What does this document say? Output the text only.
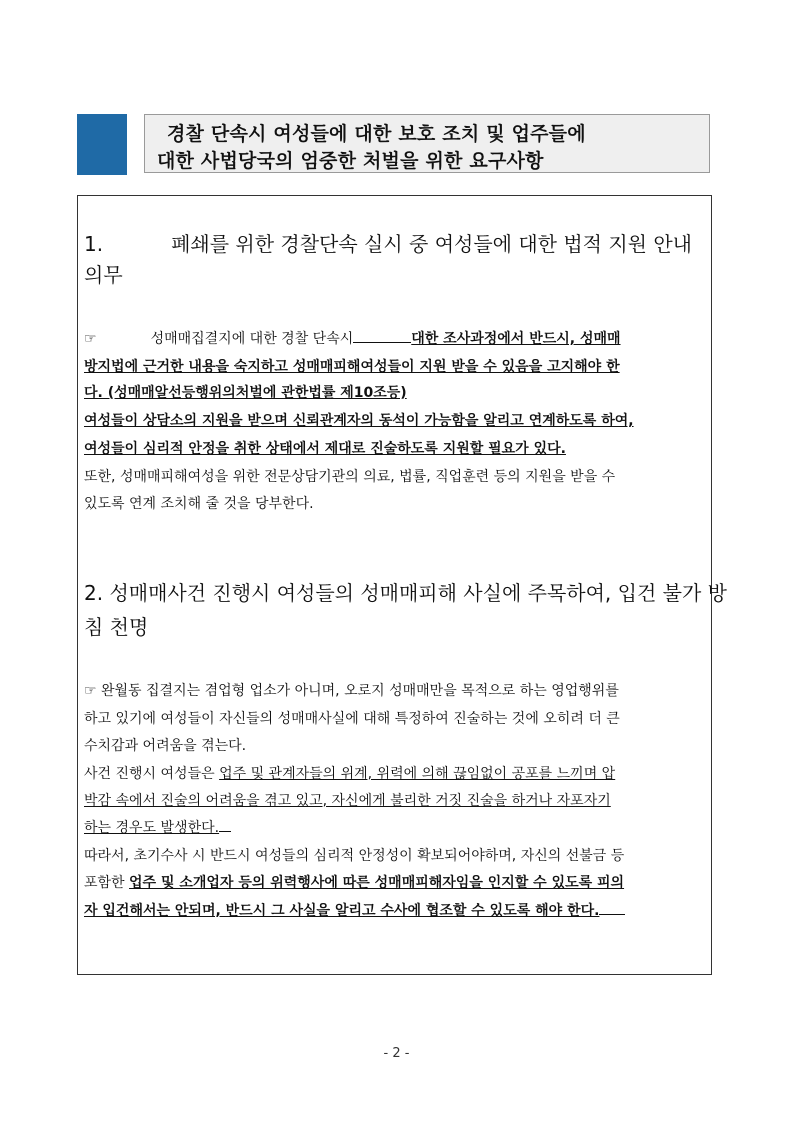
경찰 단속시 여성들에 대한 보호 조치 및 업주들에
대한 사법당국의 엄중한 처벌을 위한 요구사항
1.	폐쇄를 위한 경찰단속 실시 중 여성들에 대한 법적 지원 안내
의무
☞	성매매집결지에 대한 경찰 단속시	대한 조사과정에서 반드시, 성매매
방지법에 근거한 내용을 숙지하고 성매매피해여성들이 지원 받을 수 있음을 고지해야 한
다. (성매매알선등행위의처벌에 관한법률 제10조등)
여성들이 상담소의 지원을 받으며 신뢰관계자의 동석이 가능함을 알리고 연계하도록 하여,
여성들이 심리적 안정을 취한 상태에서 제대로 진술하도록 지원할 필요가 있다.
또한, 성매매피해여성을 위한 전문상담기관의 의료, 법률, 직업훈련 등의 지원을 받을 수
있도록 연계 조치해 줄 것을 당부한다.
2. 성매매사건 진행시 여성들의 성매매피해 사실에 주목하여, 입건 불가 방
침 천명
☞ 완월동 집결지는 겸업형 업소가 아니며, 오로지 성매매만을 목적으로 하는 영업행위를
하고 있기에 여성들이 자신들의 성매매사실에 대해 특정하여 진술하는 것에 오히려 더 큰
수치감과 어려움을 겪는다.
사건 진행시 여성들은 업주 및 관계자들의 위계, 위력에 의해 끊임없이 공포를 느끼며 압
박감 속에서 진술의 어려움을 겪고 있고, 자신에게 불리한 거짓 진술을 하거나 자포자기
하는 경우도 발생한다.
따라서, 초기수사 시 반드시 여성들의 심리적 안정성이 확보되어야하며, 자신의 선불금 등
포함한 업주 및 소개업자 등의 위력행사에 따른 성매매피해자임을 인지할 수 있도록 피의
자 입건해서는 안되며, 반드시 그 사실을 알리고 수사에 협조할 수 있도록 해야 한다.
- 2 -
